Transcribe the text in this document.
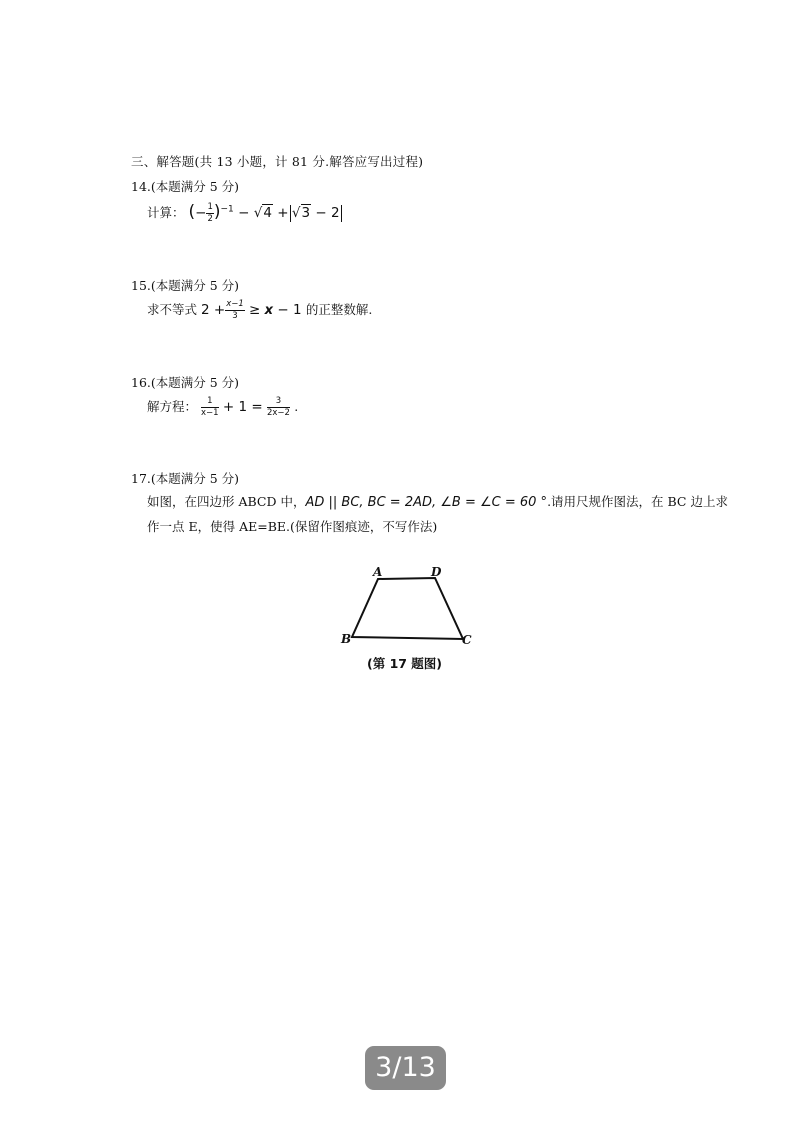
三、解答题(共 13 小题，计 81 分.解答应写出过程)
14.(本题满分 5 分)
计算： (− $\frac{1}{2} )^{-1} - √4 + √3 - 2$
15.(本题满分 5 分)
求不等式 $2 + \frac{x-1}{3} \ge x - 1$ 的正整数解.
16.(本题满分 5 分)
解方程： $\frac{1}{x-1} + 1 = \frac{3}{2x-2}$ .
17.(本题满分 5 分)
如图，在四边形 ABCD 中，AD || BC, BC = 2AD, ∠B = ∠C = 60 °.请用尺规作图法，在 BC 边上求
作一点 E，使得 AE=BE.(保留作图痕迹，不写作法)
A	D
B	C
(第 17 题图)
3/13
